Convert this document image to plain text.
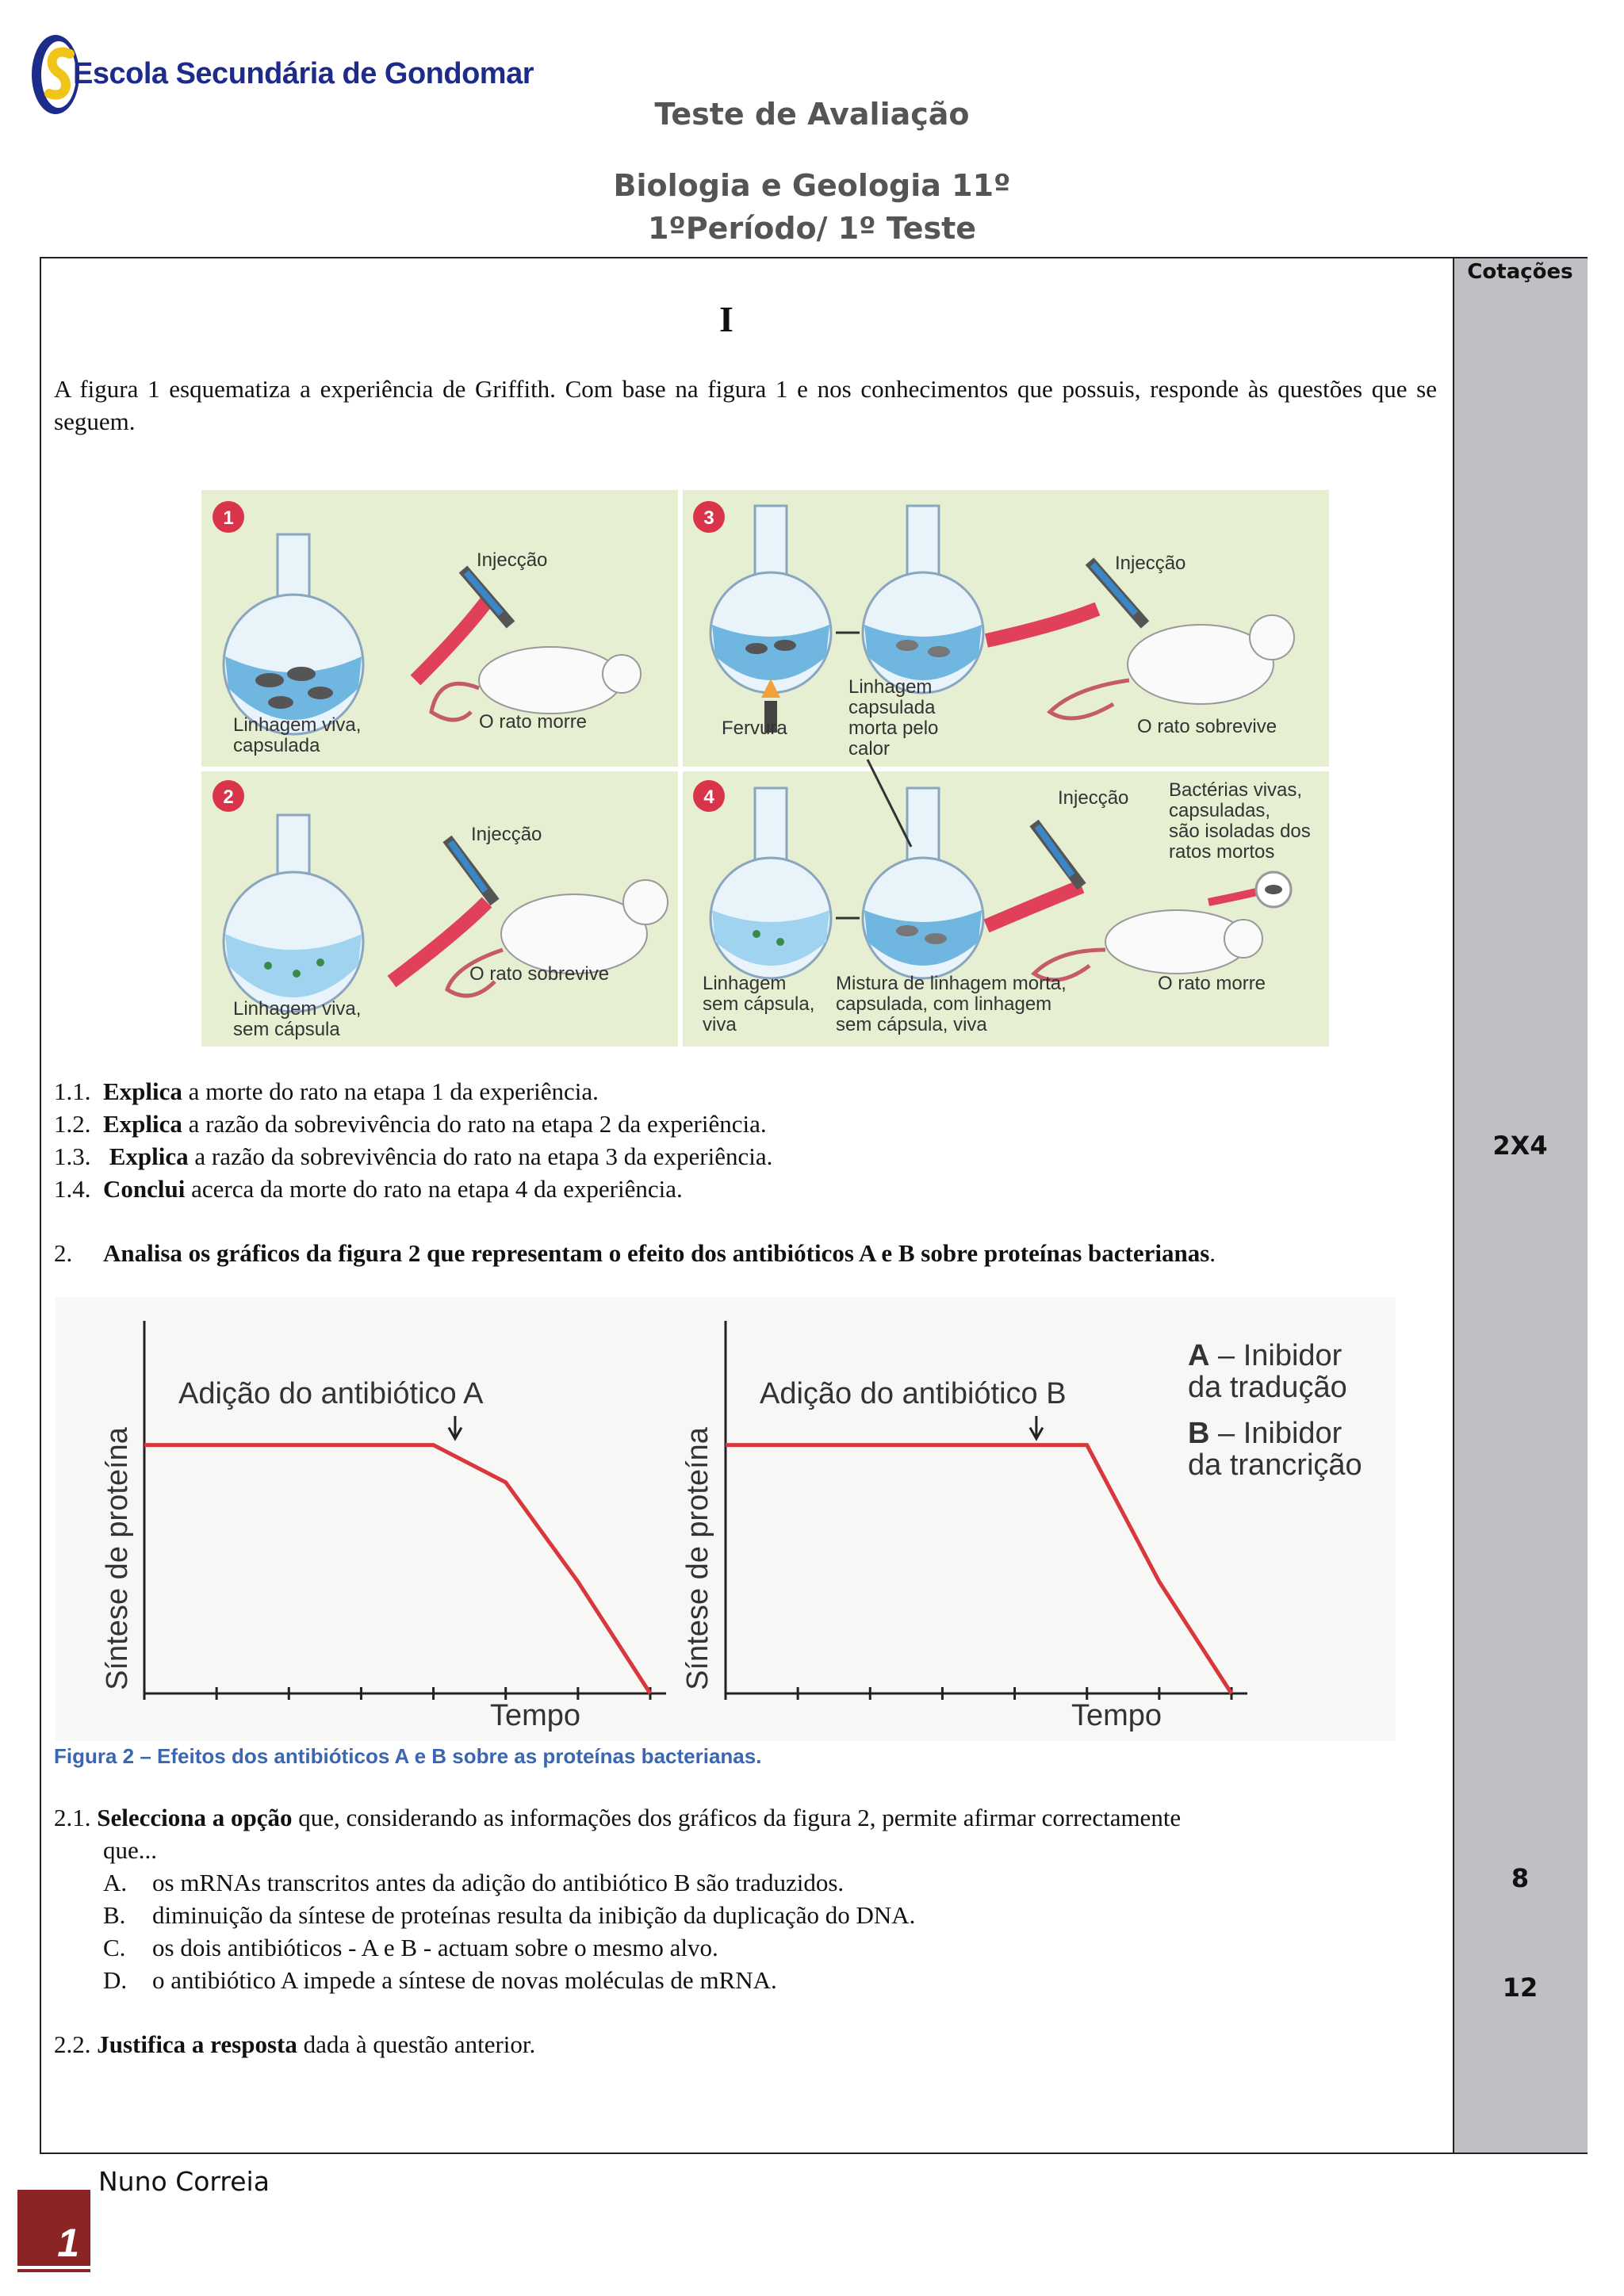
Escola Secundária de Gondomar
Teste de Avaliação
Biologia e Geologia 11º
1ºPeríodo/ 1º Teste
Cotações
2X4
8
12
I
A figura 1 esquematiza a experiência de Griffith. Com base na figura 1 e nos conhecimentos que possuis, responde às questões que se seguem.
1
2
3
4
Injecção
Linhagem viva,
capsulada
O rato morre
Injecção
Linhagem viva,
sem cápsula
O rato sobrevive
Injecção
Fervura
Linhagem
capsulada
morta pelo
calor
O rato sobrevive
Injecção Bactérias vivas,
capsuladas,
são isoladas dos
ratos mortos
Linhagem
sem cápsula,
viva
Mistura de linhagem morta,
capsulada, com linhagem
sem cápsula, viva
O rato morre
1.1. Explica a morte do rato na etapa 1 da experiência.
1.2. Explica a razão da sobrevivência do rato na etapa 2 da experiência.
1.3. Explica a razão da sobrevivência do rato na etapa 3 da experiência.
1.4. Conclui acerca da morte do rato na etapa 4 da experiência.
2. Analisa os gráficos da figura 2 que representam o efeito dos antibióticos A e B sobre proteínas bacterianas.
Adição do antibiótico A
Síntese de proteína
Tempo
Adição do antibiótico B
Síntese de proteína
Tempo
A – Inibidor
da tradução
B – Inibidor
da trancrição
Figura 2 – Efeitos dos antibióticos A e B sobre as proteínas bacterianas.
2.1. Selecciona a opção que, considerando as informações dos gráficos da figura 2, permite afirmar correctamente
que...
A. os mRNAs transcritos antes da adição do antibiótico B são traduzidos.
B. diminuição da síntese de proteínas resulta da inibição da duplicação do DNA.
C. os dois antibióticos - A e B - actuam sobre o mesmo alvo.
D. o antibiótico A impede a síntese de novas moléculas de mRNA.
2.2. Justifica a resposta dada à questão anterior.
Nuno Correia
1
